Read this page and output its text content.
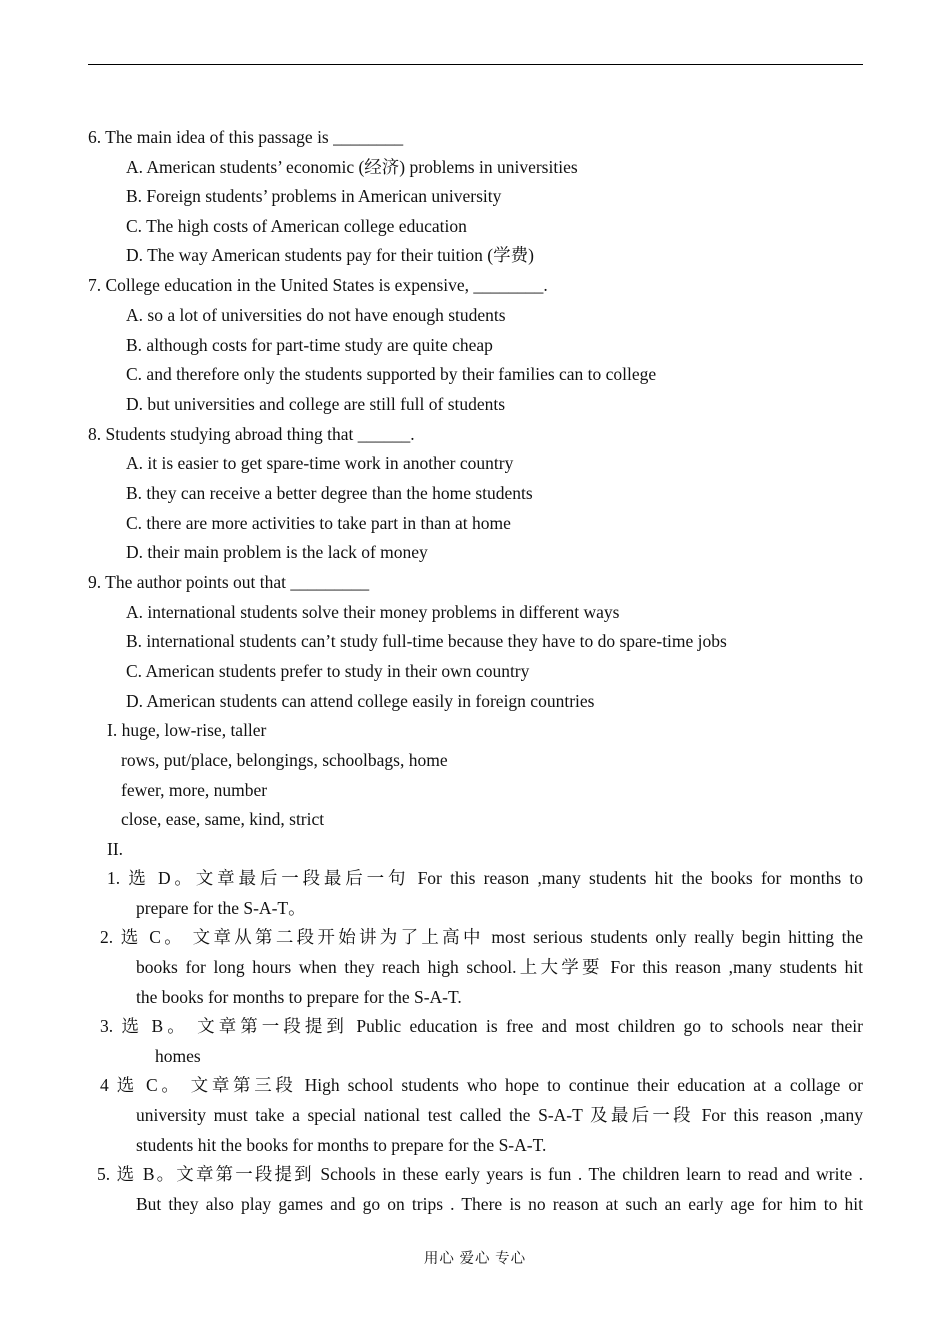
6. The main idea of this passage is ________
A. American students’ economic (经济) problems in universities
B. Foreign students’ problems in American university
C. The high costs of American college education
D. The way American students pay for their tuition (学费)
7. College education in the United States is expensive, ________.
A. so a lot of universities do not have enough students
B. although costs for part-time study are quite cheap
C. and therefore only the students supported by their families can to college
D. but universities and college are still full of students
8. Students studying abroad thing that ______.
A. it is easier to get spare-time work in another country
B. they can receive a better degree than the home students
C. there are more activities to take part in than at home
D. their main problem is the lack of money
9. The author points out that _________
A. international students solve their money problems in different ways
B. international students can’t study full-time because they have to do spare-time jobs
C. American students prefer to study in their own country
D. American students can attend college easily in foreign countries
I. huge, low-rise, taller
rows, put/place, belongings, schoolbags, home
fewer, more, number
close, ease, same, kind, strict
II.
1. 选 D。文章最后一段最后一句 For this reason ,many students hit the books for months to
prepare for the S-A-T。
2. 选 C。 文章从第二段开始讲为了上高中 most serious students only really begin hitting the
books for long hours when they reach high school.上大学要 For this reason ,many students hit
the books for months to prepare for the S-A-T.
3. 选 B。 文章第一段提到 Public education is free and most children go to schools near their
homes
4 选 C。 文章第三段 High school students who hope to continue their education at a collage or
university must take a special national test called the S-A-T 及最后一段 For this reason ,many
students hit the books for months to prepare for the S-A-T.
5. 选 B。文章第一段提到 Schools in these early years is fun . The children learn to read and write .
But they also play games and go on trips . There is no reason at such an early age for him to hit
用心 爱心 专心
